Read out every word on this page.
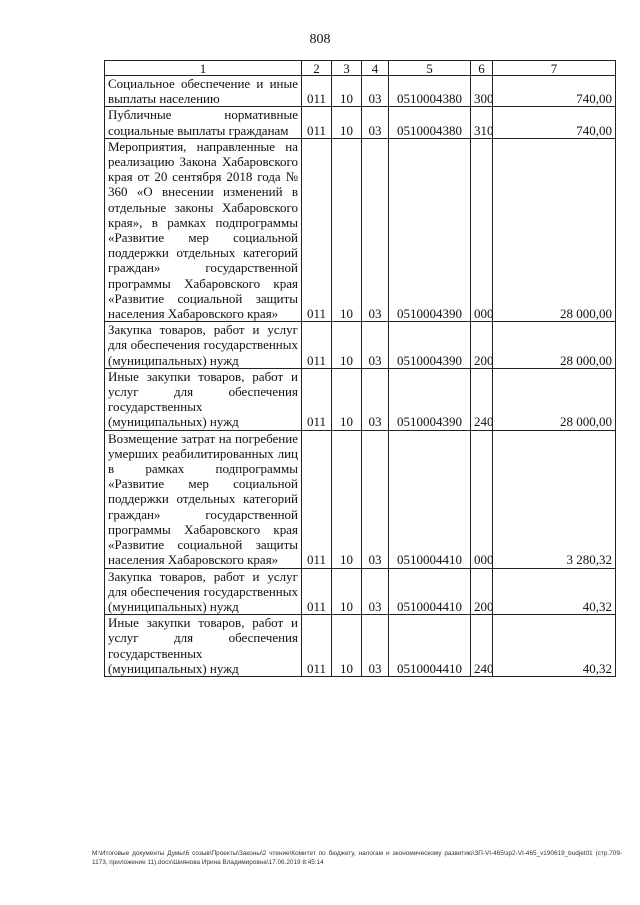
808
1	2	3	4	5	6	7
Социальное обеспечение и иные выплаты населению	011	10	03	0510004380	300	740,00
Публичные нормативные социальные выплаты гражданам	011	10	03	0510004380	310	740,00
Мероприятия, направленные на реализацию Закона Хабаровского края от 20 сентября 2018 года № 360 «О внесении изменений в отдельные законы Хабаровского края», в рамках подпрограммы «Развитие мер социальной поддержки отдельных категорий граждан» государственной программы Хабаровского края «Развитие социальной защиты населения Хабаровского края»	011	10	03	0510004390	000	28 000,00
Закупка товаров, работ и услуг для обеспечения государственных (муниципальных) нужд	011	10	03	0510004390	200	28 000,00
Иные закупки товаров, работ и услуг для обеспечения государственных (муниципальных) нужд	011	10	03	0510004390	240	28 000,00
Возмещение затрат на погребение умерших реабилитированных лиц в рамках подпрограммы «Развитие мер социальной поддержки отдельных категорий граждан» государственной программы Хабаровского края «Развитие социальной защиты населения Хабаровского края»	011	10	03	0510004410	000	3 280,32
Закупка товаров, работ и услуг для обеспечения государственных (муниципальных) нужд	011	10	03	0510004410	200	40,32
Иные закупки товаров, работ и услуг для обеспечения государственных (муниципальных) нужд	011	10	03	0510004410	240	40,32
М:\Итоговые документы Думы\6 созыв\Проекты\Законы\2 чтение\Комитет по бюджету, налогам и экономическому развитию\ЗП-VI-465\зр2-VI-465_v190619_budjet01 (стр.709-1173, приложение 11).docx\Шиянова Ирина Владимировна\17.06.2019 8:45:14
